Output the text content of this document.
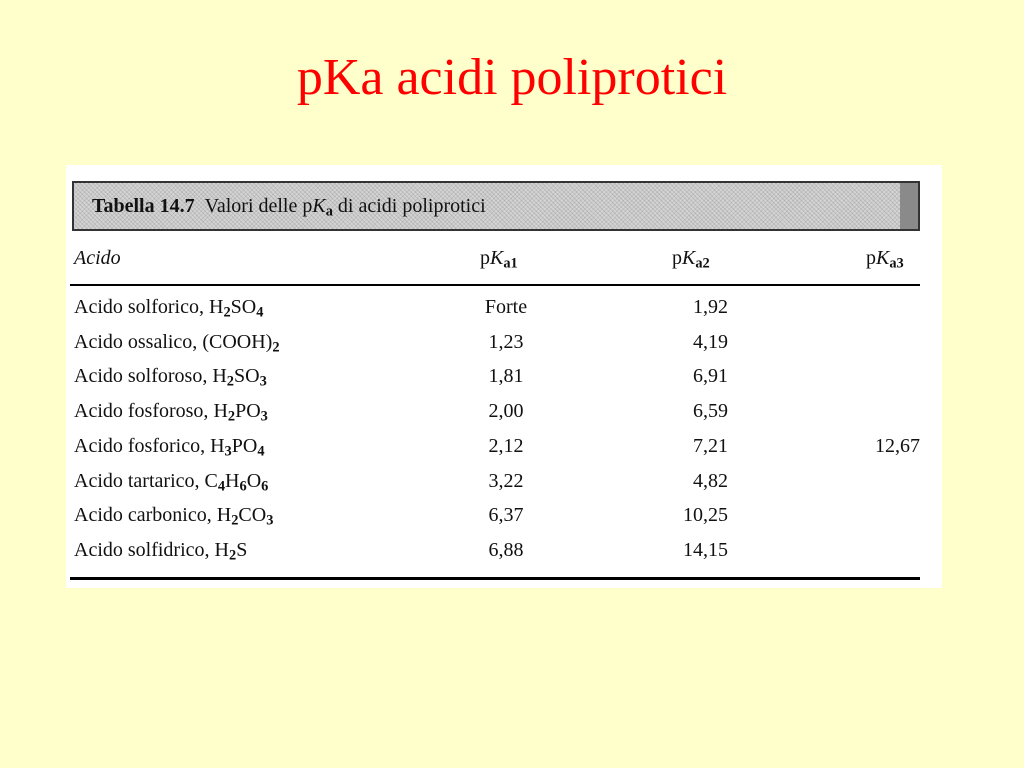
pKa acidi poliprotici
Tabella 14.7 Valori delle pKa di acidi poliprotici
Acido	pKa1	pKa2	pKa3
Acido solforico, H2SO4	Forte	1,92
Acido ossalico, (COOH)2	1,23	4,19
Acido solforoso, H2SO3	1,81	6,91
Acido fosforoso, H2PO3	2,00	6,59
Acido fosforico, H3PO4	2,12	7,21	12,67
Acido tartarico, C4H6O6	3,22	4,82
Acido carbonico, H2CO3	6,37	10,25
Acido solfidrico, H2S	6,88	14,15
